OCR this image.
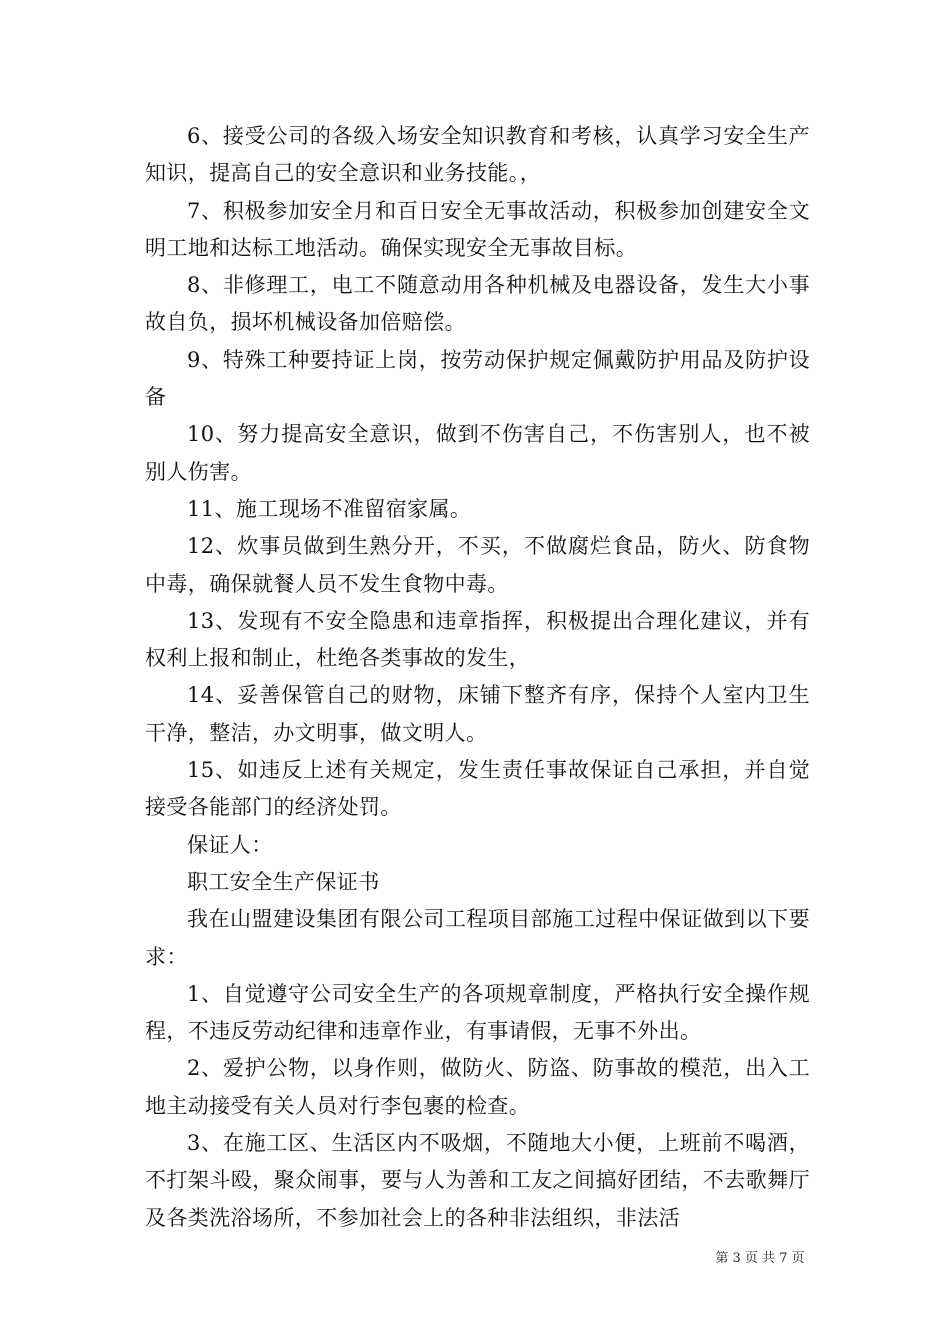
6、接受公司的各级入场安全知识教育和考核，认真学习安全生产知识，提高自己的安全意识和业务技能。，

7、积极参加安全月和百日安全无事故活动，积极参加创建安全文明工地和达标工地活动。确保实现安全无事故目标。

8、非修理工，电工不随意动用各种机械及电器设备，发生大小事故自负，损坏机械设备加倍赔偿。

9、特殊工种要持证上岗，按劳动保护规定佩戴防护用品及防护设备

10、努力提高安全意识，做到不伤害自己，不伤害别人，也不被别人伤害。

11、施工现场不准留宿家属。

12、炊事员做到生熟分开，不买，不做腐烂食品，防火、防食物中毒，确保就餐人员不发生食物中毒。

13、发现有不安全隐患和违章指挥，积极提出合理化建议，并有权利上报和制止，杜绝各类事故的发生，

14、妥善保管自己的财物，床铺下整齐有序，保持个人室内卫生干净，整洁，办文明事，做文明人。

15、如违反上述有关规定，发生责任事故保证自己承担，并自觉接受各能部门的经济处罚。

保证人：

职工安全生产保证书

我在山盟建设集团有限公司工程项目部施工过程中保证做到以下要求：

1、自觉遵守公司安全生产的各项规章制度，严格执行安全操作规程，不违反劳动纪律和违章作业，有事请假，无事不外出。

2、爱护公物，以身作则，做防火、防盗、防事故的模范，出入工地主动接受有关人员对行李包裹的检查。

3、在施工区、生活区内不吸烟，不随地大小便，上班前不喝酒，不打架斗殴，聚众闹事，要与人为善和工友之间搞好团结，不去歌舞厅及各类洗浴场所，不参加社会上的各种非法组织，非法活

第 3 页 共 7 页
